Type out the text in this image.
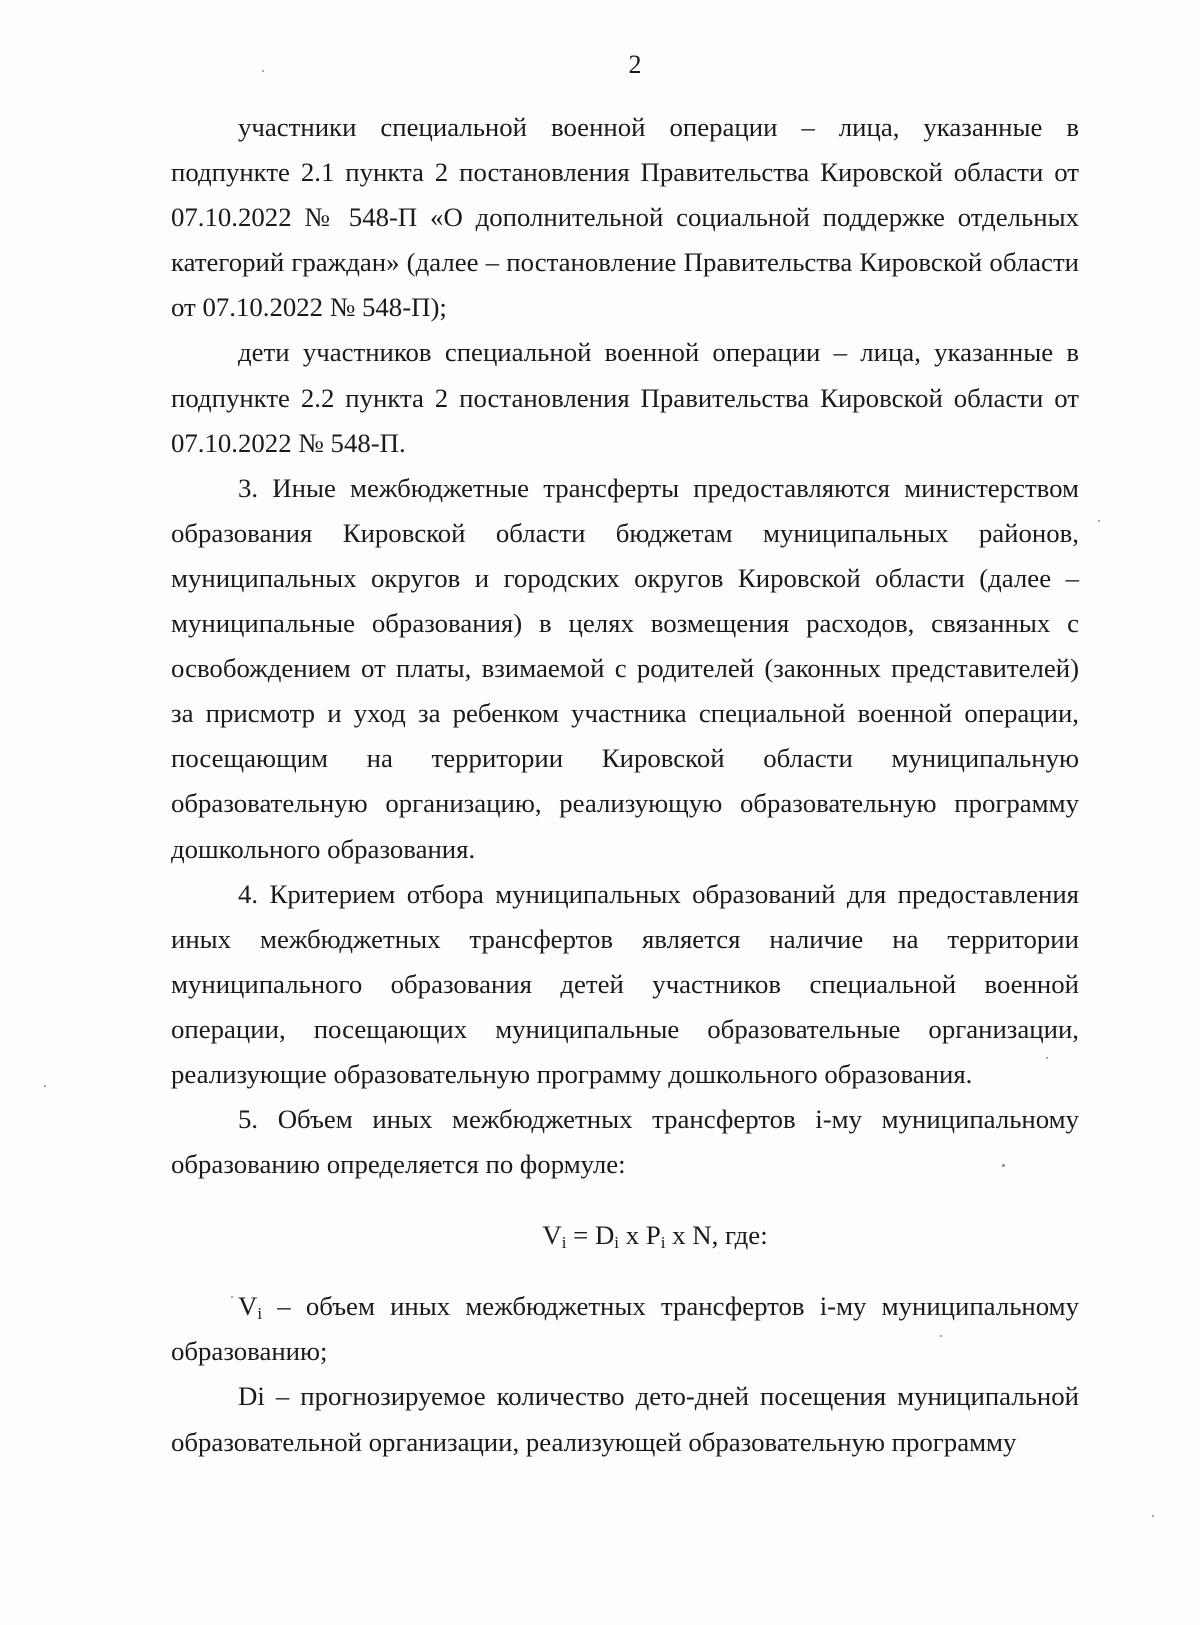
2

участники специальной военной операции – лица, указанные в подпункте 2.1 пункта 2 постановления Правительства Кировской области от 07.10.2022 № 548-П «О дополнительной социальной поддержке отдельных категорий граждан» (далее – постановление Правительства Кировской области от 07.10.2022 № 548-П);

дети участников специальной военной операции – лица, указанные в подпункте 2.2 пункта 2 постановления Правительства Кировской области от 07.10.2022 № 548-П.

3. Иные межбюджетные трансферты предоставляются министерством образования Кировской области бюджетам муниципальных районов, муниципальных округов и городских округов Кировской области (далее – муниципальные образования) в целях возмещения расходов, связанных с освобождением от платы, взимаемой с родителей (законных представителей) за присмотр и уход за ребенком участника специальной военной операции, посещающим на территории Кировской области муниципальную образовательную организацию, реализующую образовательную программу дошкольного образования.

4. Критерием отбора муниципальных образований для предоставления иных межбюджетных трансфертов является наличие на территории муниципального образования детей участников специальной военной операции, посещающих муниципальные образовательные организации, реализующие образовательную программу дошкольного образования.

5. Объем иных межбюджетных трансфертов і-му муниципальному образованию определяется по формуле:

$V_i = D_i$ x $P_i$ x N, где:

$V_i$ – объем иных межбюджетных трансфертов і-му муниципальному образованию;

Di – прогнозируемое количество дето-дней посещения муниципальной образовательной организации, реализующей образовательную программу
